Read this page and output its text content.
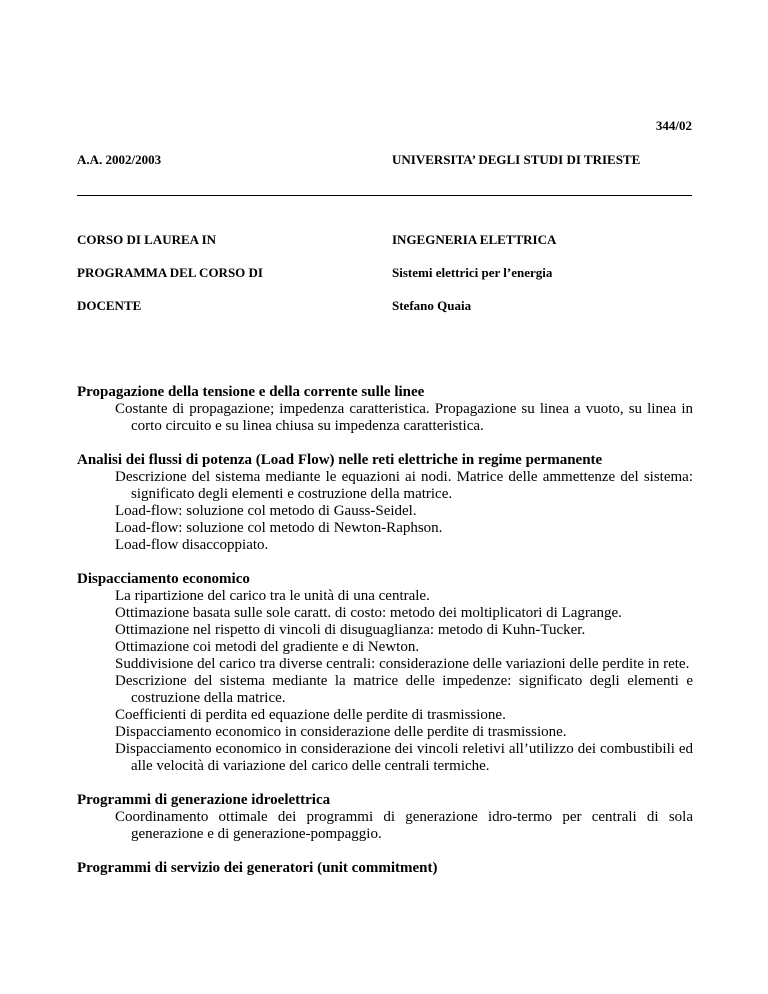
344/02
A.A. 2002/2003	UNIVERSITA’ DEGLI STUDI DI TRIESTE
CORSO DI LAUREA IN	INGEGNERIA ELETTRICA
PROGRAMMA DEL CORSO DI	Sistemi elettrici per l’energia
DOCENTE	Stefano Quaia
Propagazione della tensione e della corrente sulle linee
Costante di propagazione; impedenza caratteristica. Propagazione su linea a vuoto, su linea in corto circuito e su linea chiusa su impedenza caratteristica.
Analisi dei flussi di potenza (Load Flow) nelle reti elettriche in regime permanente
Descrizione del sistema mediante le equazioni ai nodi. Matrice delle ammettenze del sistema: significato degli elementi e costruzione della matrice.
Load-flow: soluzione col metodo di Gauss-Seidel.
Load-flow: soluzione col metodo di Newton-Raphson.
Load-flow disaccoppiato.
Dispacciamento economico
La ripartizione del carico tra le unità di una centrale.
Ottimazione basata sulle sole caratt. di costo: metodo dei moltiplicatori di Lagrange.
Ottimazione nel rispetto di vincoli di disuguaglianza: metodo di Kuhn-Tucker.
Ottimazione coi metodi del gradiente e di Newton.
Suddivisione del carico tra diverse centrali: considerazione delle variazioni delle perdite in rete.
Descrizione del sistema mediante la matrice delle impedenze: significato degli elementi e costruzione della matrice.
Coefficienti di perdita ed equazione delle perdite di trasmissione.
Dispacciamento economico in considerazione delle perdite di trasmissione.
Dispacciamento economico in considerazione dei vincoli reletivi all’utilizzo dei combustibili ed alle velocità di variazione del carico delle centrali termiche.
Programmi di generazione idroelettrica
Coordinamento ottimale dei programmi di generazione idro-termo per centrali di sola generazione e di generazione-pompaggio.
Programmi di servizio dei generatori (unit commitment)
